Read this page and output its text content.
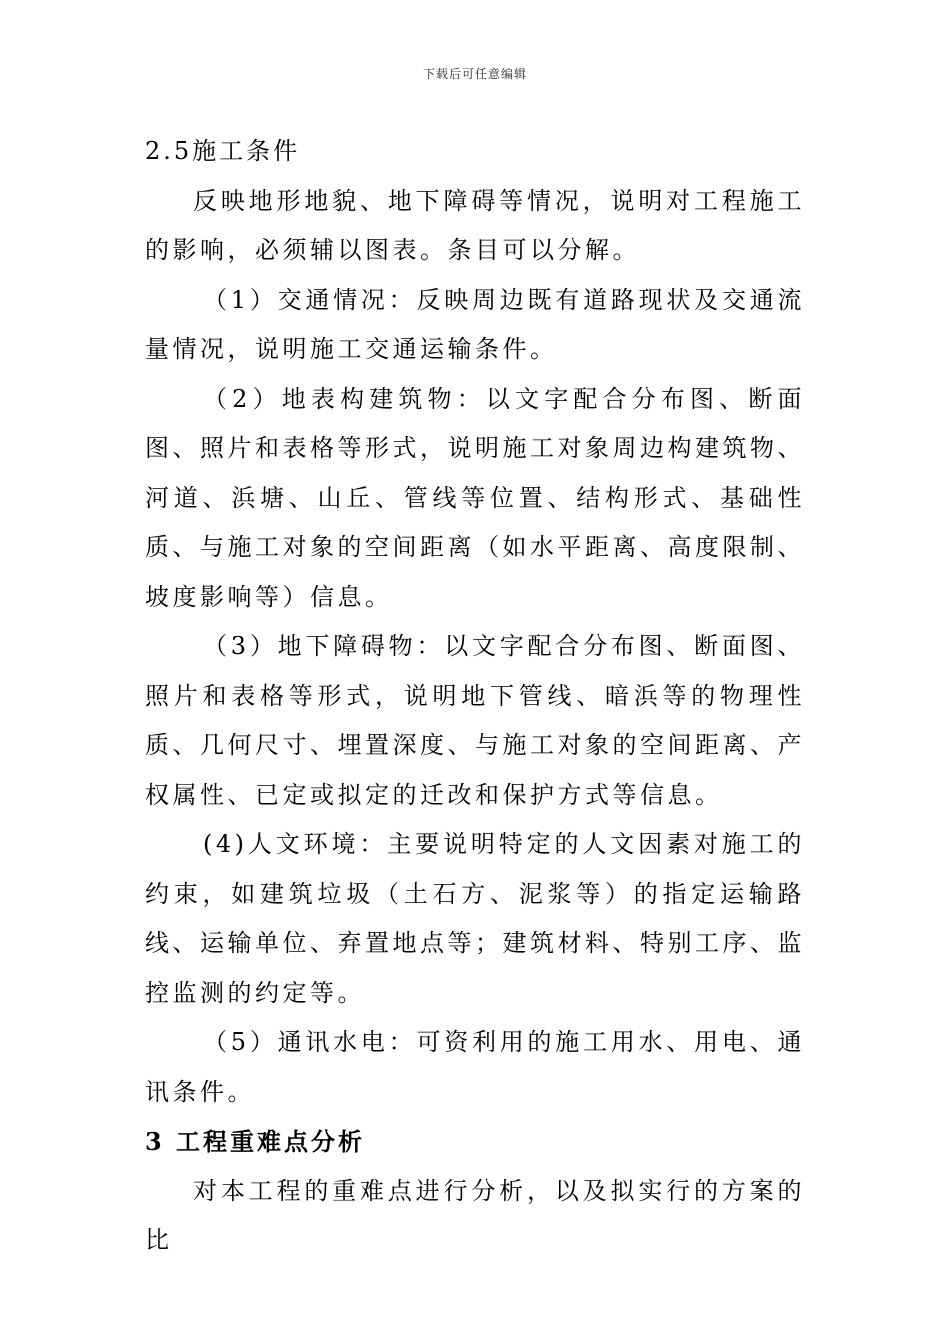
下载后可任意编辑
2.5施工条件

反映地形地貌、地下障碍等情况，说明对工程施工的影响，必须辅以图表。条目可以分解。

（1）交通情况：反映周边既有道路现状及交通流量情况，说明施工交通运输条件。

（2）地表构建筑物：以文字配合分布图、断面图、照片和表格等形式，说明施工对象周边构建筑物、河道、浜塘、山丘、管线等位置、结构形式、基础性质、与施工对象的空间距离（如水平距离、高度限制、坡度影响等）信息。

（3）地下障碍物：以文字配合分布图、断面图、照片和表格等形式，说明地下管线、暗浜等的物理性质、几何尺寸、埋置深度、与施工对象的空间距离、产权属性、已定或拟定的迁改和保护方式等信息。

(4)人文环境：主要说明特定的人文因素对施工的约束，如建筑垃圾（土石方、泥浆等）的指定运输路线、运输单位、弃置地点等；建筑材料、特别工序、监控监测的约定等。

（5）通讯水电：可资利用的施工用水、用电、通讯条件。

3 工程重难点分析

对本工程的重难点进行分析，以及拟实行的方案的比
